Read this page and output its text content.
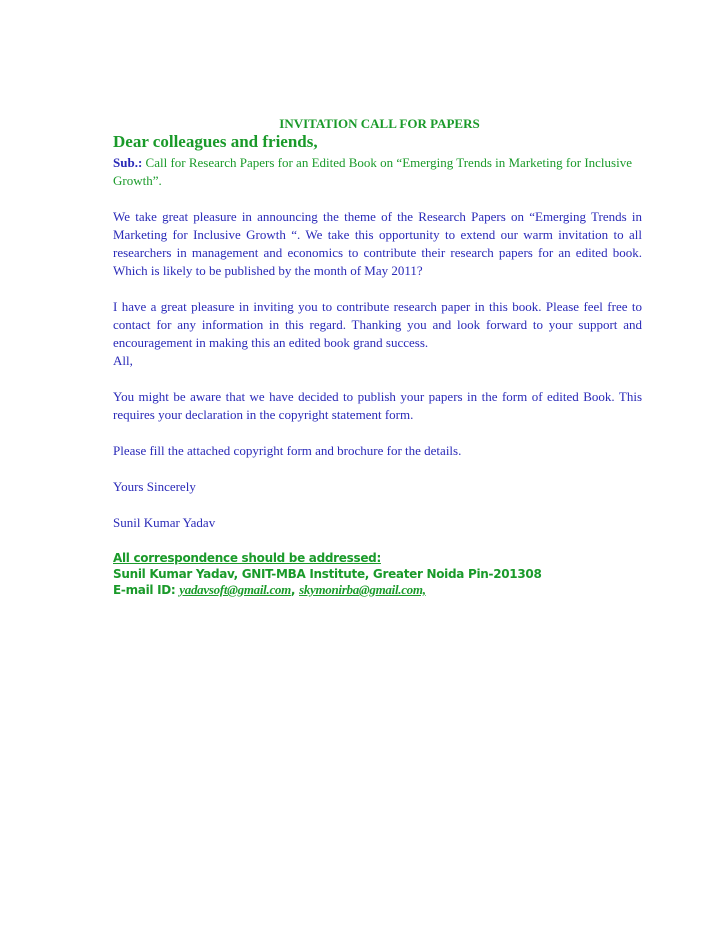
INVITATION CALL FOR PAPERS

Dear colleagues and friends,

Sub.: Call for Research Papers for an Edited Book on “Emerging Trends in Marketing for Inclusive Growth”.

We take great pleasure in announcing the theme of the Research Papers on “Emerging Trends in Marketing for Inclusive Growth “. We take this opportunity to extend our warm invitation to all researchers in management and economics to contribute their research papers for an edited book. Which is likely to be published by the month of May 2011?

I have a great pleasure in inviting you to contribute research paper in this book. Please feel free to contact for any information in this regard. Thanking you and look forward to your support and encouragement in making this an edited book grand success.

All,

You might be aware that we have decided to publish your papers in the form of edited Book. This requires your declaration in the copyright statement form.

Please fill the attached copyright form and brochure for the details.

Yours Sincerely

Sunil Kumar Yadav

All correspondence should be addressed:
Sunil Kumar Yadav, GNIT-MBA Institute, Greater Noida Pin-201308
E-mail ID: yadavsoft@gmail.com, skymonirba@gmail.com,
